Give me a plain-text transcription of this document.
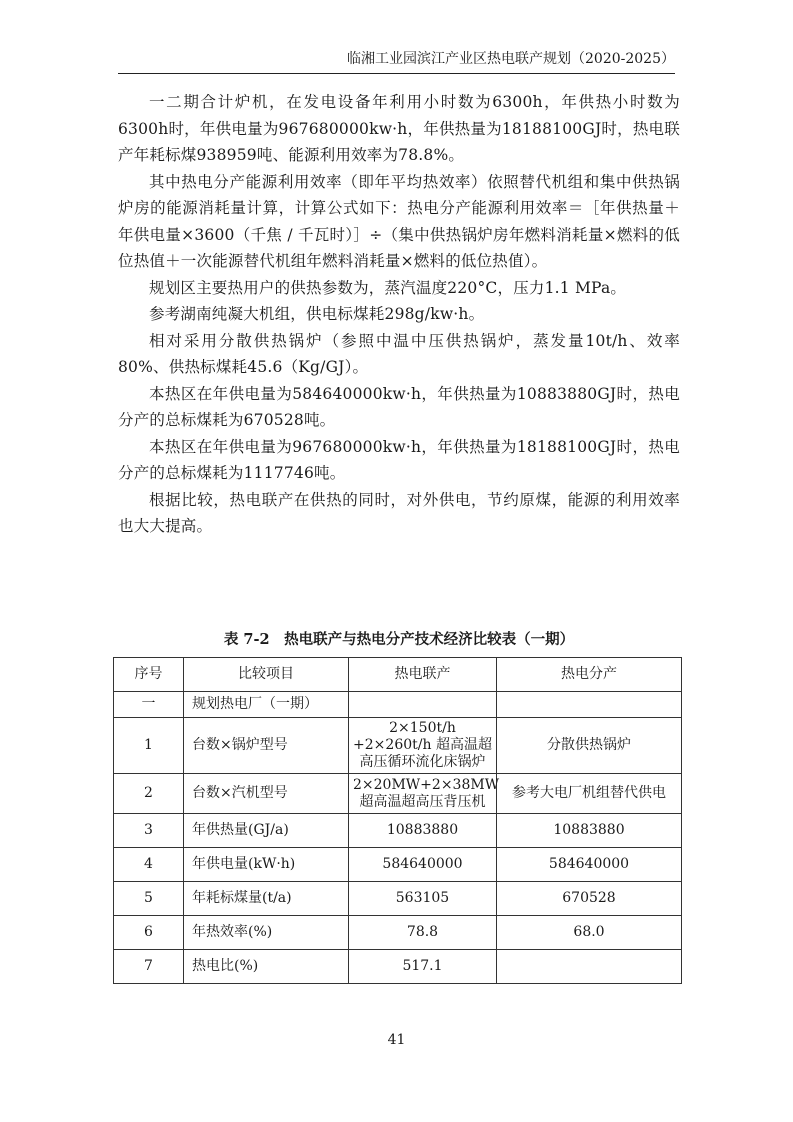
临湘工业园滨江产业区热电联产规划（2020-2025）

一二期合计炉机，在发电设备年利用小时数为6300h，年供热小时数为6300h时，年供电量为967680000kw·h，年供热量为18188100GJ时，热电联产年耗标煤938959吨、能源利用效率为78.8%。

其中热电分产能源利用效率（即年平均热效率）依照替代机组和集中供热锅炉房的能源消耗量计算，计算公式如下：热电分产能源利用效率＝［年供热量＋年供电量×3600（千焦 / 千瓦时）］÷（集中供热锅炉房年燃料消耗量×燃料的低位热值＋一次能源替代机组年燃料消耗量×燃料的低位热值）。

规划区主要热用户的供热参数为，蒸汽温度220°C，压力1.1 MPa。

参考湖南纯凝大机组，供电标煤耗298g/kw·h。

相对采用分散供热锅炉（参照中温中压供热锅炉，蒸发量10t/h、效率80%、供热标煤耗45.6（Kg/GJ）。

本热区在年供电量为584640000kw·h，年供热量为10883880GJ时，热电分产的总标煤耗为670528吨。

本热区在年供电量为967680000kw·h，年供热量为18188100GJ时，热电分产的总标煤耗为1117746吨。

根据比较，热电联产在供热的同时，对外供电，节约原煤，能源的利用效率也大大提高。

表 7-2　热电联产与热电分产技术经济比较表（一期）
序号	比较项目	热电联产	热电分产
一	规划热电厂（一期）		
1	台数×锅炉型号	2×150t/h +2×260t/h 超高温超高压循环流化床锅炉	分散供热锅炉
2	台数×汽机型号	2×20MW+2×38MW 超高温超高压背压机	参考大电厂机组替代供电
3	年供热量(GJ/a)	10883880	10883880
4	年供电量(kW·h)	584640000	584640000
5	年耗标煤量(t/a)	563105	670528
6	年热效率(%)	78.8	68.0
7	热电比(%)	517.1	
41
